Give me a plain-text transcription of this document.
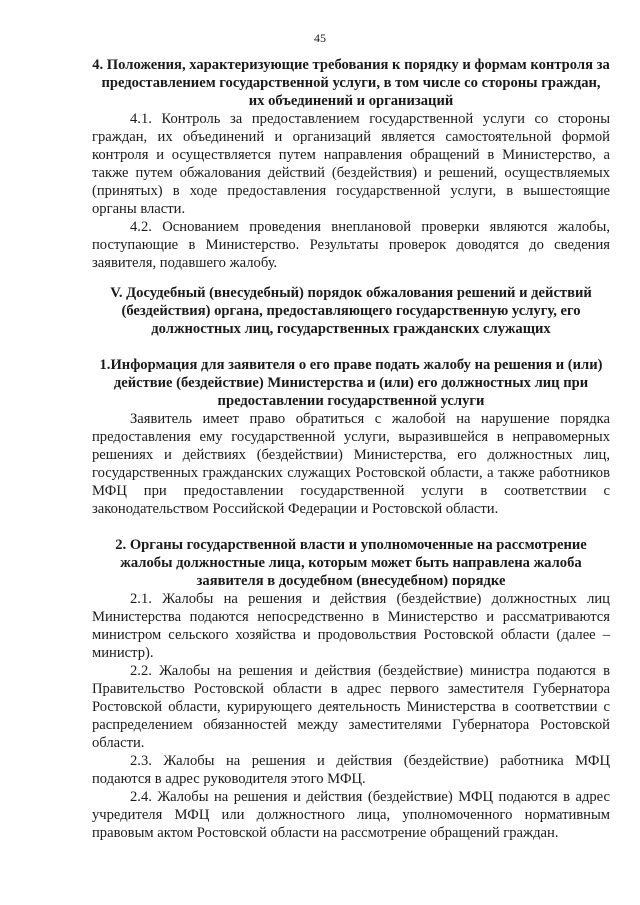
45

4. Положения, характеризующие требования к порядку и формам контроля за предоставлением государственной услуги, в том числе со стороны граждан, их объединений и организаций

4.1. Контроль за предоставлением государственной услуги со стороны граждан, их объединений и организаций является самостоятельной формой контроля и осуществляется путем направления обращений в Министерство, а также путем обжалования действий (бездействия) и решений, осуществляемых (принятых) в ходе предоставления государственной услуги, в вышестоящие органы власти.

4.2. Основанием проведения внеплановой проверки являются жалобы, поступающие в Министерство. Результаты проверок доводятся до сведения заявителя, подавшего жалобу.

V. Досудебный (внесудебный) порядок обжалования решений и действий (бездействия) органа, предоставляющего государственную услугу, его должностных лиц, государственных гражданских служащих

1.Информация для заявителя о его праве подать жалобу на решения и (или) действие (бездействие) Министерства и (или) его должностных лиц при предоставлении государственной услуги

Заявитель имеет право обратиться с жалобой на нарушение порядка предоставления ему государственной услуги, выразившейся в неправомерных решениях и действиях (бездействии) Министерства, его должностных лиц, государственных гражданских служащих Ростовской области, а также работников МФЦ при предоставлении государственной услуги в соответствии с законодательством Российской Федерации и Ростовской области.

2. Органы государственной власти и уполномоченные на рассмотрение жалобы должностные лица, которым может быть направлена жалоба заявителя в досудебном (внесудебном) порядке

2.1. Жалобы на решения и действия (бездействие) должностных лиц Министерства подаются непосредственно в Министерство и рассматриваются министром сельского хозяйства и продовольствия Ростовской области (далее – министр).

2.2. Жалобы на решения и действия (бездействие) министра подаются в Правительство Ростовской области в адрес первого заместителя Губернатора Ростовской области, курирующего деятельность Министерства в соответствии с распределением обязанностей между заместителями Губернатора Ростовской области.

2.3. Жалобы на решения и действия (бездействие) работника МФЦ подаются в адрес руководителя этого МФЦ.

2.4. Жалобы на решения и действия (бездействие) МФЦ подаются в адрес учредителя МФЦ или должностного лица, уполномоченного нормативным правовым актом Ростовской области на рассмотрение обращений граждан.
